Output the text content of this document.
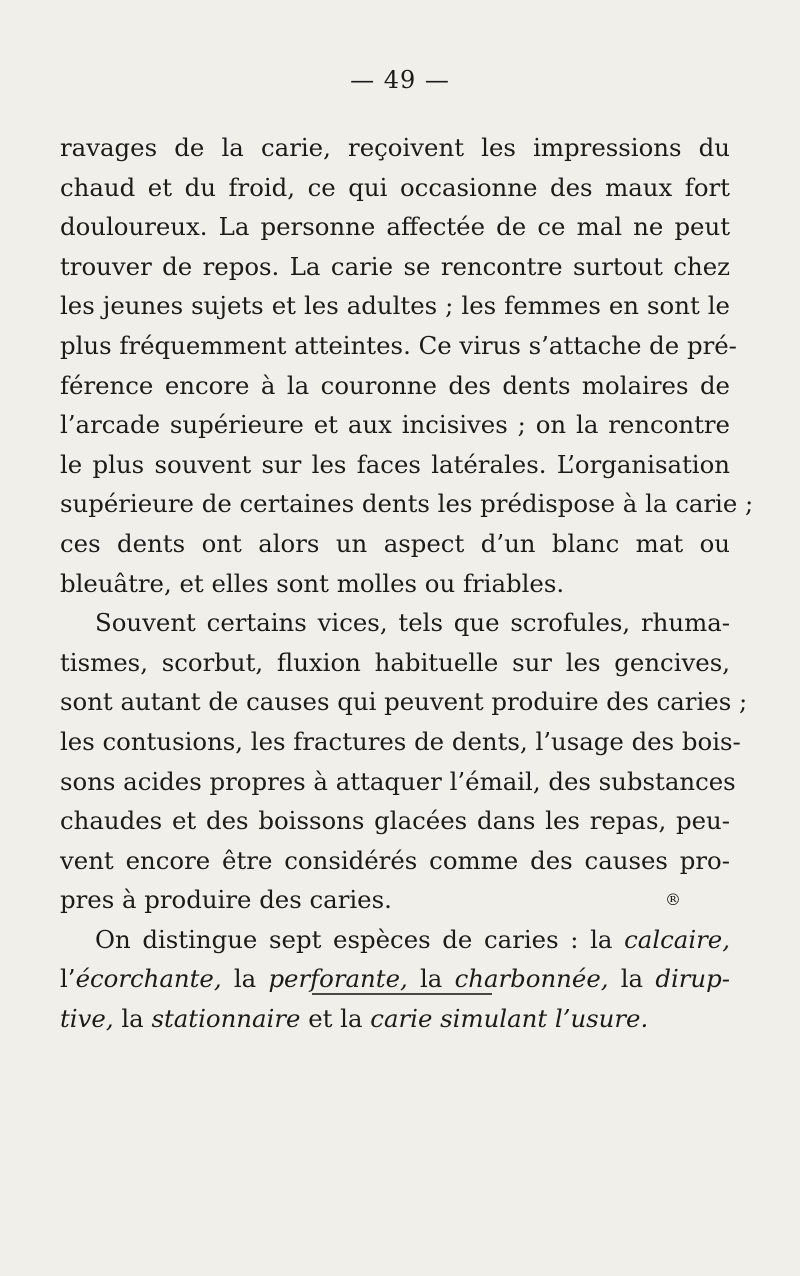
— 49 —
ravages de la carie, reçoivent les impressions du
chaud et du froid, ce qui occasionne des maux fort
douloureux. La personne affectée de ce mal ne peut
trouver de repos. La carie se rencontre surtout chez
les jeunes sujets et les adultes ; les femmes en sont le
plus fréquemment atteintes. Ce virus s’attache de pré-
férence encore à la couronne des dents molaires de
l’arcade supérieure et aux incisives ; on la rencontre
le plus souvent sur les faces latérales. L’organisation
supérieure de certaines dents les prédispose à la carie ;
ces dents ont alors un aspect d’un blanc mat ou
bleuâtre, et elles sont molles ou friables.
Souvent certains vices, tels que scrofules, rhuma-
tismes, scorbut, fluxion habituelle sur les gencives,
sont autant de causes qui peuvent produire des caries ;
les contusions, les fractures de dents, l’usage des bois-
sons acides propres à attaquer l’émail, des substances
chaudes et des boissons glacées dans les repas, peu-
vent encore être considérés comme des causes pro-
pres à produire des caries.	®
On distingue sept espèces de caries : la calcaire,
l’écorchante, la perforante, la charbonnée, la dirup-
tive, la stationnaire et la carie simulant l’usure.
